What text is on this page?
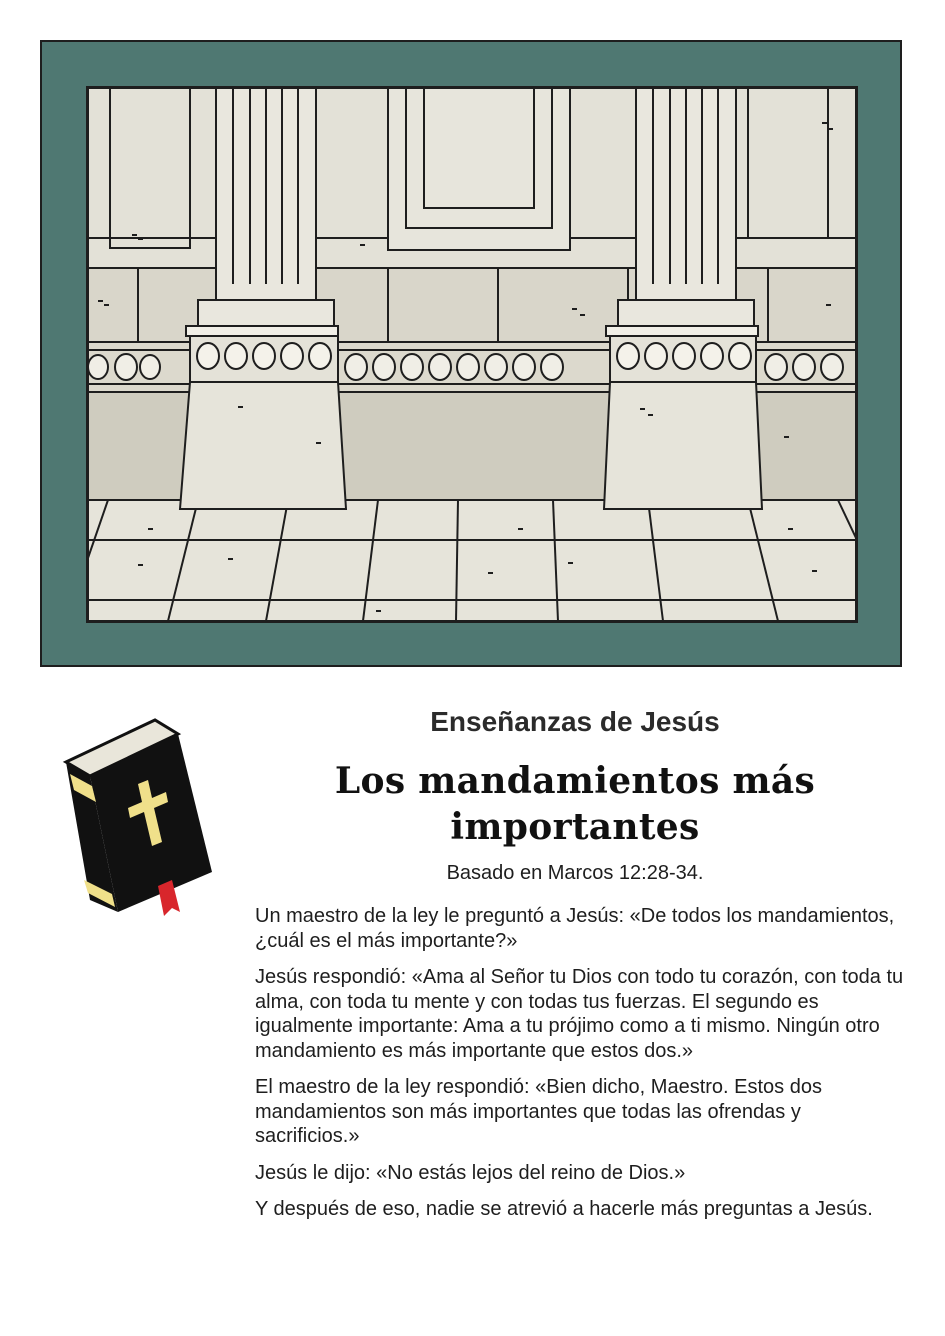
Enseñanzas de Jesús
Los mandamientos más
importantes
Basado en Marcos 12:28-34.

Un maestro de la ley le preguntó a Jesús: «De todos los mandamientos, ¿cuál es el más importante?»

Jesús respondió: «Ama al Señor tu Dios con todo tu corazón, con toda tu alma, con toda tu mente y con todas tus fuerzas. El segundo es igualmente importante: Ama a tu prójimo como a ti mismo. Ningún otro mandamiento es más importante que estos dos.»

El maestro de la ley respondió: «Bien dicho, Maestro. Estos dos mandamientos son más importantes que todas las ofrendas y sacrificios.»

Jesús le dijo: «No estás lejos del reino de Dios.»

Y después de eso, nadie se atrevió a hacerle más preguntas a Jesús.
